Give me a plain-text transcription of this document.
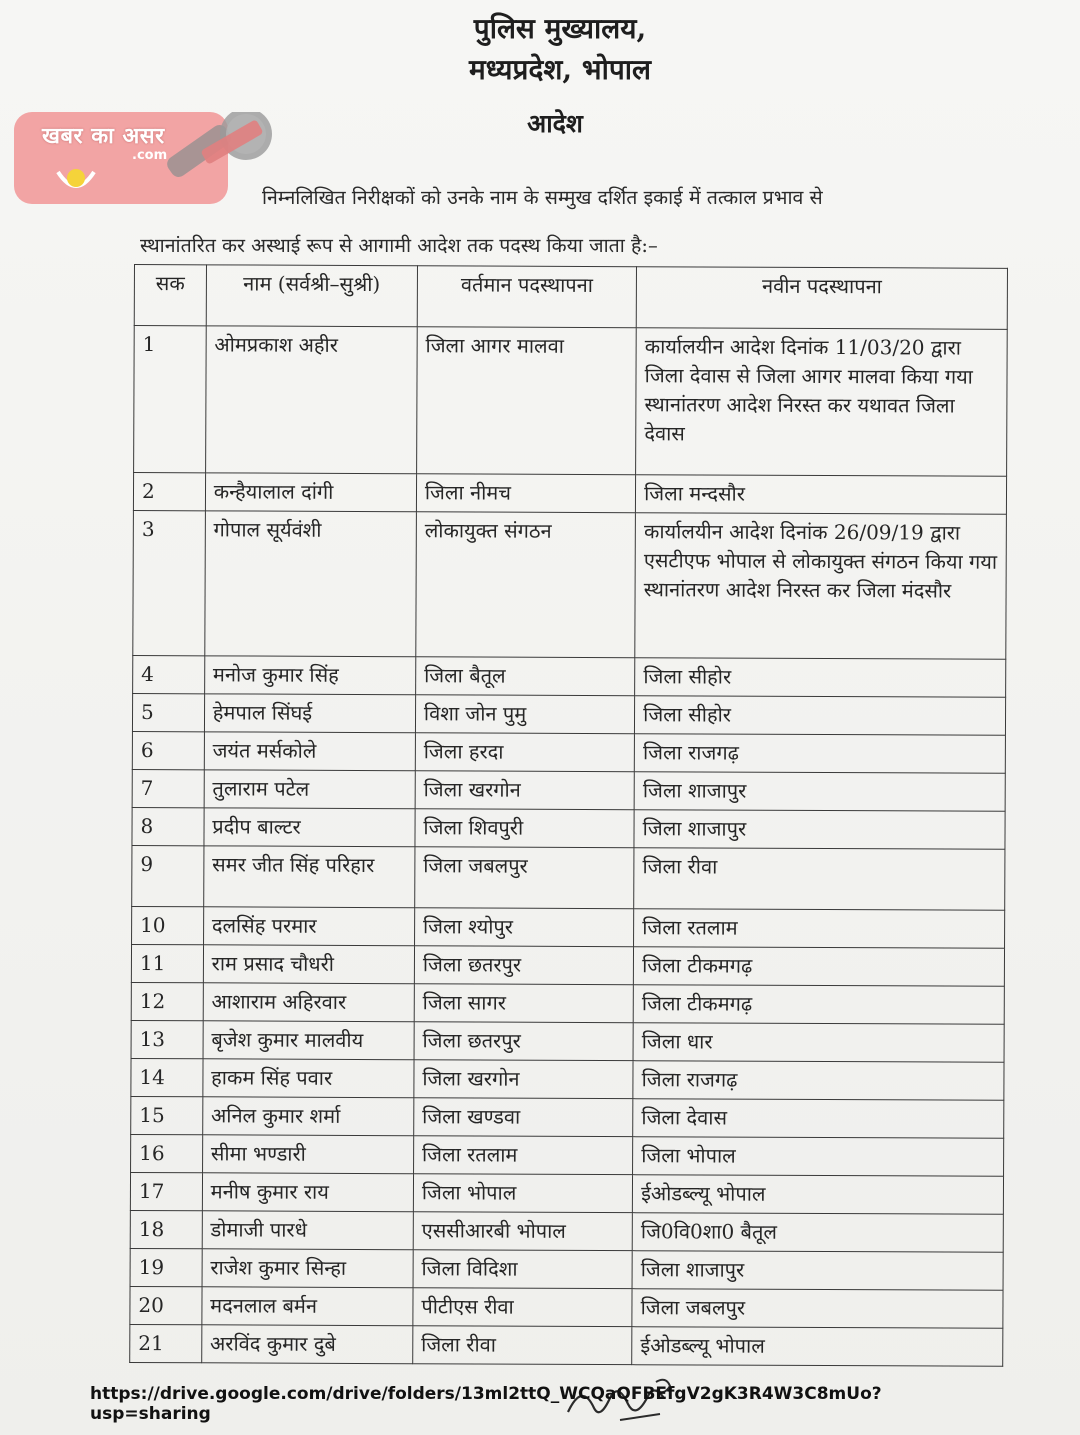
पुलिस मुख्यालय,
मध्यप्रदेश, भोपाल
आदेश
खबर का असर
.com

निम्नलिखित निरीक्षकों को उनके नाम के सम्मुख दर्शित इकाई में तत्काल प्रभाव से

स्थानांतरित कर अस्थाई रूप से आगामी आदेश तक पदस्थ किया जाता है:–

सक	नाम (सर्वश्री–सुश्री)	वर्तमान पदस्थापना	नवीन पदस्थापना
1	ओमप्रकाश अहीर	जिला आगर मालवा	कार्यालयीन आदेश दिनांक 11/03/20 द्वारा जिला देवास से जिला आगर मालवा किया गया स्थानांतरण आदेश निरस्त कर यथावत जिला देवास
2	कन्हैयालाल दांगी	जिला नीमच	जिला मन्दसौर
3	गोपाल सूर्यवंशी	लोकायुक्त संगठन	कार्यालयीन आदेश दिनांक 26/09/19 द्वारा एसटीएफ भोपाल से लोकायुक्त संगठन किया गया स्थानांतरण आदेश निरस्त कर जिला मंदसौर
4	मनोज कुमार सिंह	जिला बैतूल	जिला सीहोर
5	हेमपाल सिंघई	विशा जोन पुमु	जिला सीहोर
6	जयंत मर्सकोले	जिला हरदा	जिला राजगढ़
7	तुलाराम पटेल	जिला खरगोन	जिला शाजापुर
8	प्रदीप बाल्टर	जिला शिवपुरी	जिला शाजापुर
9	समर जीत सिंह परिहार	जिला जबलपुर	जिला रीवा
10	दलसिंह परमार	जिला श्योपुर	जिला रतलाम
11	राम प्रसाद चौधरी	जिला छतरपुर	जिला टीकमगढ़
12	आशाराम अहिरवार	जिला सागर	जिला टीकमगढ़
13	बृजेश कुमार मालवीय	जिला छतरपुर	जिला धार
14	हाकम सिंह पवार	जिला खरगोन	जिला राजगढ़
15	अनिल कुमार शर्मा	जिला खण्डवा	जिला देवास
16	सीमा भण्डारी	जिला रतलाम	जिला भोपाल
17	मनीष कुमार राय	जिला भोपाल	ईओडब्ल्यू भोपाल
18	डोमाजी पारधे	एससीआरबी भोपाल	जि0वि0शा0 बैतूल
19	राजेश कुमार सिन्हा	जिला विदिशा	जिला शाजापुर
20	मदनलाल बर्मन	पीटीएस रीवा	जिला जबलपुर
21	अरविंद कुमार दुबे	जिला रीवा	ईओडब्ल्यू भोपाल
https://drive.google.com/drive/folders/13ml2ttQ_WCQaQFBEfgV2gK3R4W3C8mUo?usp=sharing
